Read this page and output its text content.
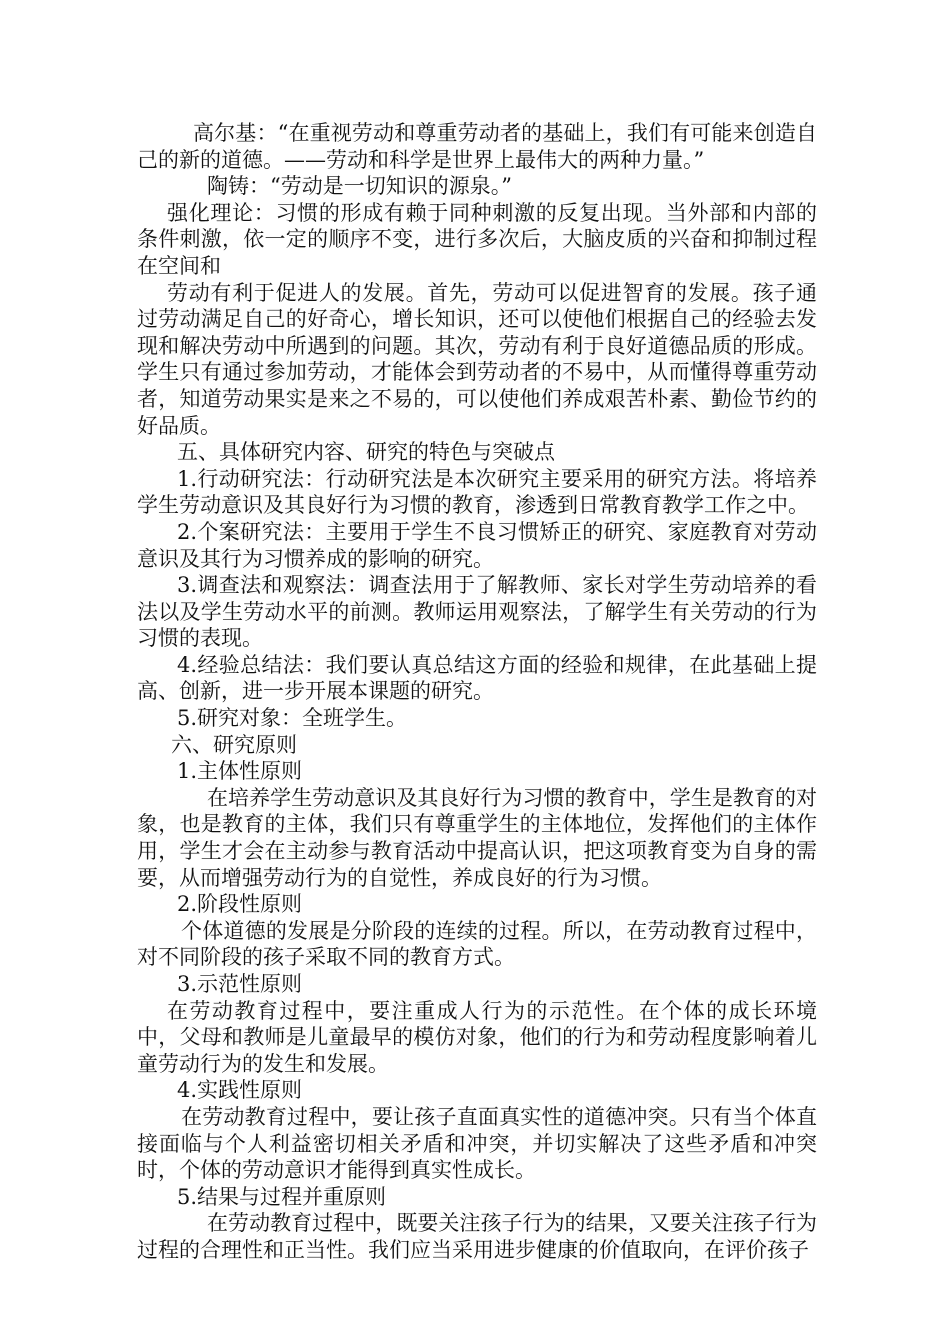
高尔基：“在重视劳动和尊重劳动者的基础上，我们有可能来创造自己的新的道德。——劳动和科学是世界上最伟大的两种力量。”

陶铸：“劳动是一切知识的源泉。”

强化理论：习惯的形成有赖于同种刺激的反复出现。当外部和内部的条件刺激，依一定的顺序不变，进行多次后，大脑皮质的兴奋和抑制过程在空间和

劳动有利于促进人的发展。首先，劳动可以促进智育的发展。孩子通过劳动满足自己的好奇心，增长知识，还可以使他们根据自己的经验去发现和解决劳动中所遇到的问题。其次，劳动有利于良好道德品质的形成。学生只有通过参加劳动，才能体会到劳动者的不易中，从而懂得尊重劳动者，知道劳动果实是来之不易的，可以使他们养成艰苦朴素、勤俭节约的好品质。

五、具体研究内容、研究的特色与突破点

1.行动研究法：行动研究法是本次研究主要采用的研究方法。将培养学生劳动意识及其良好行为习惯的教育，渗透到日常教育教学工作之中。

2.个案研究法：主要用于学生不良习惯矫正的研究、家庭教育对劳动意识及其行为习惯养成的影响的研究。

3.调查法和观察法：调查法用于了解教师、家长对学生劳动培养的看法以及学生劳动水平的前测。教师运用观察法，了解学生有关劳动的行为习惯的表现。

4.经验总结法：我们要认真总结这方面的经验和规律，在此基础上提高、创新，进一步开展本课题的研究。

5.研究对象：全班学生。

六、研究原则

1.主体性原则

在培养学生劳动意识及其良好行为习惯的教育中，学生是教育的对象，也是教育的主体，我们只有尊重学生的主体地位，发挥他们的主体作用，学生才会在主动参与教育活动中提高认识，把这项教育变为自身的需要，从而增强劳动行为的自觉性，养成良好的行为习惯。

2.阶段性原则

个体道德的发展是分阶段的连续的过程。所以，在劳动教育过程中，对不同阶段的孩子采取不同的教育方式。

3.示范性原则

在劳动教育过程中，要注重成人行为的示范性。在个体的成长环境中，父母和教师是儿童最早的模仿对象，他们的行为和劳动程度影响着儿童劳动行为的发生和发展。

4.实践性原则

在劳动教育过程中，要让孩子直面真实性的道德冲突。只有当个体直接面临与个人利益密切相关矛盾和冲突，并切实解决了这些矛盾和冲突时，个体的劳动意识才能得到真实性成长。

5.结果与过程并重原则

在劳动教育过程中，既要关注孩子行为的结果，又要关注孩子行为过程的合理性和正当性。我们应当采用进步健康的价值取向，在评价孩子
